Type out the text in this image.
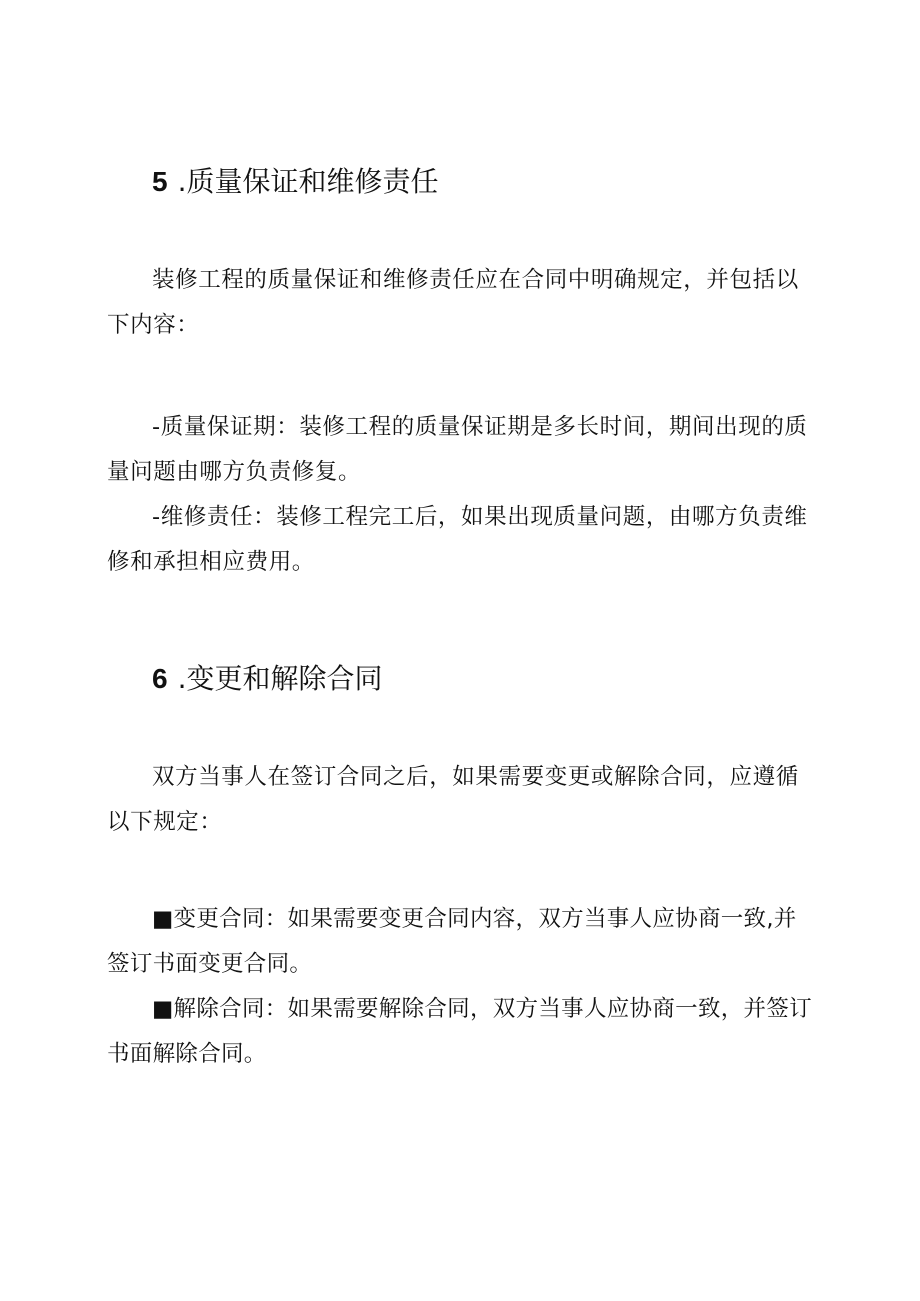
5 .质量保证和维修责任

装修工程的质量保证和维修责任应在合同中明确规定，并包括以下内容：

-质量保证期：装修工程的质量保证期是多长时间，期间出现的质量问题由哪方负责修复。

-维修责任：装修工程完工后，如果出现质量问题，由哪方负责维修和承担相应费用。

6 .变更和解除合同

双方当事人在签订合同之后，如果需要变更或解除合同，应遵循以下规定：

■变更合同：如果需要变更合同内容，双方当事人应协商一致,并签订书面变更合同。

■解除合同：如果需要解除合同，双方当事人应协商一致，并签订书面解除合同。
